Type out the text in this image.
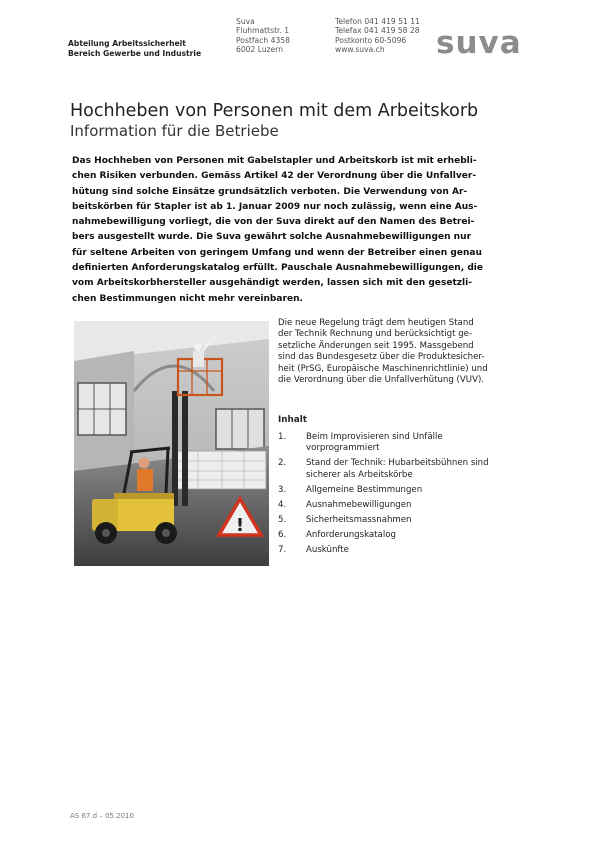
Abteilung Arbeitssicherheit
Bereich Gewerbe und Industrie
Suva
Fluhmattstr. 1
Postfach 4358
6002 Luzern
Telefon 041 419 51 11
Telefax 041 419 58 28
Postkonto 60-5096
www.suva.ch	suva
Hochheben von Personen mit dem Arbeitskorb
Information für die Betriebe
Das Hochheben von Personen mit Gabelstapler und Arbeitskorb ist mit erhebli-
chen Risiken verbunden. Gemäss Artikel 42 der Verordnung über die Unfallver-
hütung sind solche Einsätze grundsätzlich verboten. Die Verwendung von Ar-
beitskörben für Stapler ist ab 1. Januar 2009 nur noch zulässig, wenn eine Aus-
nahmebewilligung vorliegt, die von der Suva direkt auf den Namen des Betrei-
bers ausgestellt wurde. Die Suva gewährt solche Ausnahmebewilligungen nur
für seltene Arbeiten von geringem Umfang und wenn der Betreiber einen genau
definierten Anforderungskatalog erfüllt. Pauschale Ausnahmebewilligungen, die
vom Arbeitskorbhersteller ausgehändigt werden, lassen sich mit den gesetzli-
chen Bestimmungen nicht mehr vereinbaren.
!
Die neue Regelung trägt dem heutigen Stand
der Technik Rechnung und berücksichtigt ge-
setzliche Änderungen seit 1995. Massgebend
sind das Bundesgesetz über die Produktesicher-
heit (PrSG, Europäische Maschinenrichtlinie) und
die Verordnung über die Unfallverhütung (VUV).
Inhalt
1.	Beim Improvisieren sind Unfälle
vorprogrammiert
2.	Stand der Technik: Hubarbeitsbühnen sind
sicherer als Arbeitskörbe
3.	Allgemeine Bestimmungen
4.	Ausnahmebewilligungen
5.	Sicherheitsmassnahmen
6.	Anforderungskatalog
7.	Auskünfte
AS 67.d – 05.2010
